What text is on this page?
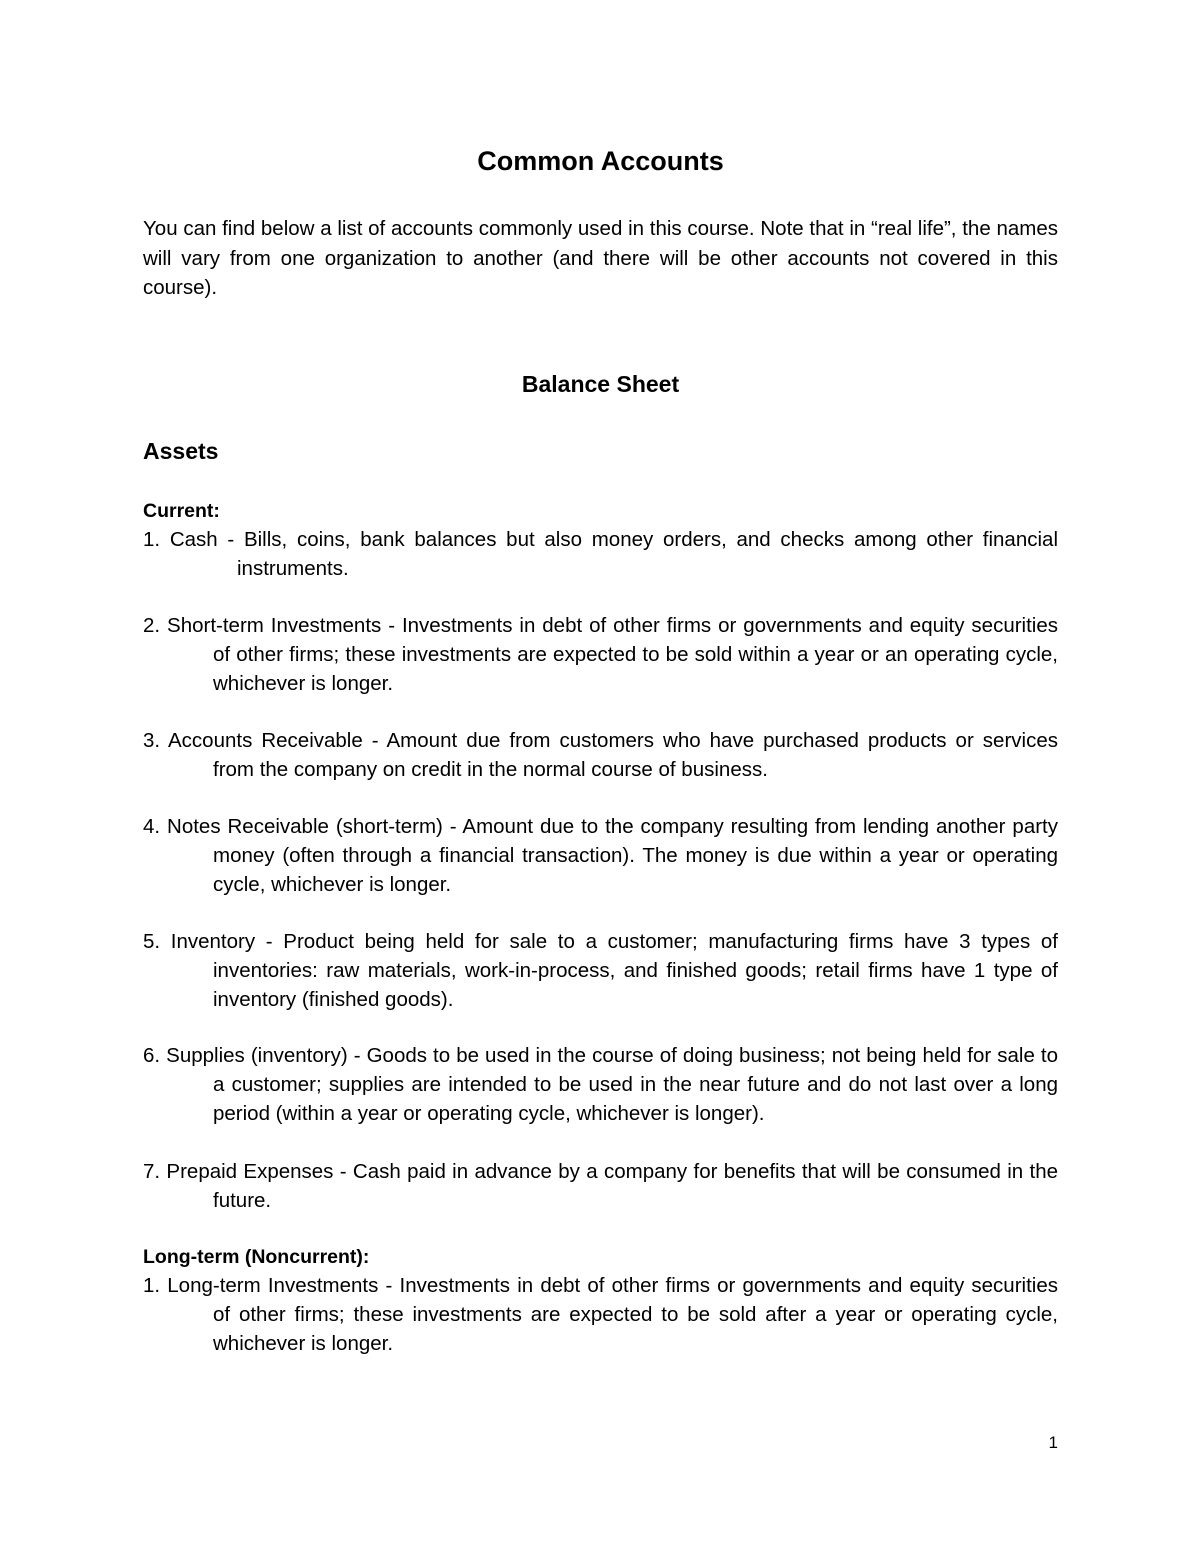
Common Accounts

You can find below a list of accounts commonly used in this course. Note that in “real life”, the names will vary from one organization to another (and there will be other accounts not covered in this course).

Balance Sheet
Assets

Current:

1. Cash - Bills, coins, bank balances but also money orders, and checks among other financial instruments.

2. Short-term Investments - Investments in debt of other firms or governments and equity securities of other firms; these investments are expected to be sold within a year or an operating cycle, whichever is longer.

3. Accounts Receivable - Amount due from customers who have purchased products or services from the company on credit in the normal course of business.

4. Notes Receivable (short-term) - Amount due to the company resulting from lending another party money (often through a financial transaction). The money is due within a year or operating cycle, whichever is longer.

5. Inventory - Product being held for sale to a customer; manufacturing firms have 3 types of inventories: raw materials, work-in-process, and finished goods; retail firms have 1 type of inventory (finished goods).

6. Supplies (inventory) - Goods to be used in the course of doing business; not being held for sale to a customer; supplies are intended to be used in the near future and do not last over a long period (within a year or operating cycle, whichever is longer).

7. Prepaid Expenses - Cash paid in advance by a company for benefits that will be consumed in the future.

Long-term (Noncurrent):

1. Long-term Investments - Investments in debt of other firms or governments and equity securities of other firms; these investments are expected to be sold after a year or operating cycle, whichever is longer.

1
